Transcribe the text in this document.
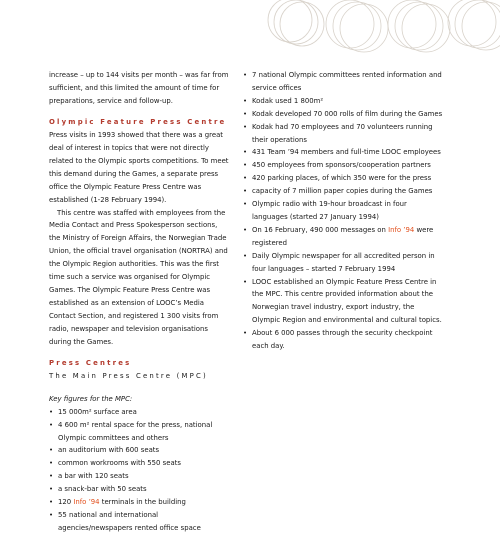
increase – up to 144 visits per month – was far from sufficient, and this limited the amount of time for preparations, service and follow-up.

Olympic Feature Press Centre

Press visits in 1993 showed that there was a great deal of interest in topics that were not directly related to the Olympic sports competitions. To meet this demand during the Games, a separate press office the Olympic Feature Press Centre was established (1-28 February 1994).

This centre was staffed with employees from the Media Contact and Press Spokesperson sections, the Ministry of Foreign Affairs, the Norwegian Trade Union, the official travel organisation (NORTRA) and the Olympic Region authorities. This was the first time such a service was organised for Olympic Games. The Olympic Feature Press Centre was established as an extension of LOOC’s Media Contact Section, and registered 1 300 visits from radio, newspaper and television organisations during the Games.

Press Centres
The Main Press Centre (MPC)

Key figures for the MPC:

• 15 000m² surface area
• 4 600 m² rental space for the press, national Olympic committees and others
• an auditorium with 600 seats
• common workrooms with 550 seats
• a bar with 120 seats
• a snack-bar with 50 seats
• 120 Info ’94 terminals in the building
• 55 national and international agencies/newspapers rented office space
• 7 national Olympic committees rented information and service offices
• Kodak used 1 800m²
• Kodak developed 70 000 rolls of film during the Games
• Kodak had 70 employees and 70 volunteers running their operations
• 431 Team ’94 members and full-time LOOC employees
• 450 employees from sponsors/cooperation partners
• 420 parking places, of which 350 were for the press
• capacity of 7 million paper copies during the Games
• Olympic radio with 19-hour broadcast in four languages (started 27 January 1994)
• On 16 February, 490 000 messages on Info ’94 were registered
• Daily Olympic newspaper for all accredited person in four languages – started 7 February 1994
• LOOC established an Olympic Feature Press Centre in the MPC. This centre provided information about the Norwegian travel industry, export industry, the Olympic Region and environmental and cultural topics.
• About 6 000 passes through the security checkpoint each day.
